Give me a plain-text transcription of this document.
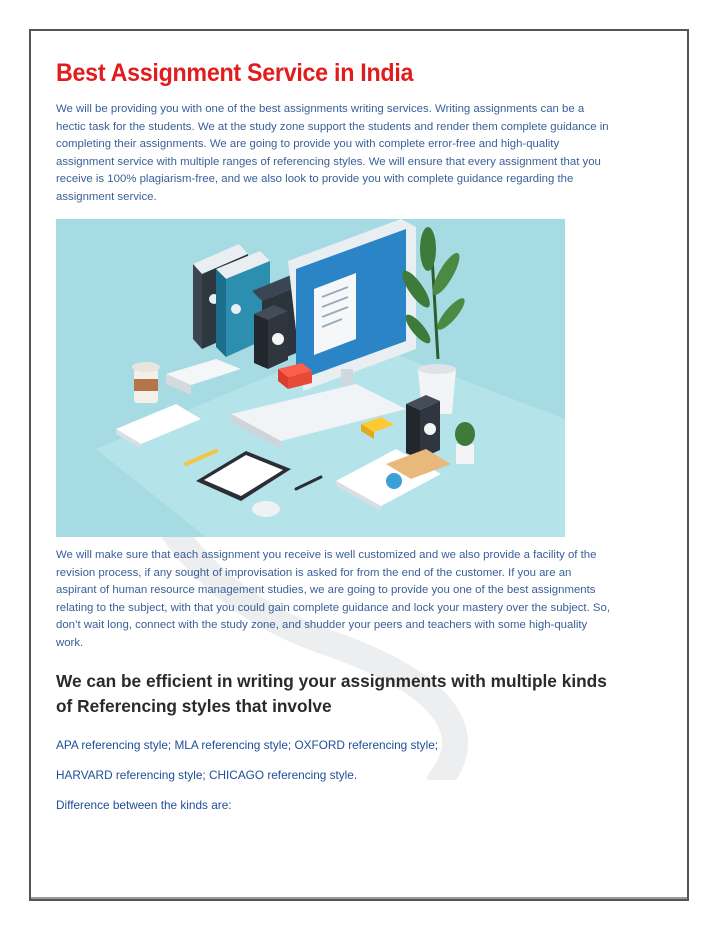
Best Assignment Service in India

We will be providing you with one of the best assignments writing services. Writing assignments can be a hectic task for the students. We at the study zone support the students and render them complete guidance in completing their assignments. We are going to provide you with complete error-free and high-quality assignment service with multiple ranges of referencing styles. We will ensure that every assignment that you receive is 100% plagiarism-free, and we also look to provide you with complete guidance regarding the assignment service.

We will make sure that each assignment you receive is well customized and we also provide a facility of the revision process, if any sought of improvisation is asked for from the end of the customer. If you are an aspirant of human resource management studies, we are going to provide you one of the best assignments relating to the subject, with that you could gain complete guidance and lock your mastery over the subject. So, don’t wait long, connect with the study zone, and shudder your peers and teachers with some high-quality work.

We can be efficient in writing your assignments with multiple kinds of Referencing styles that involve

APA referencing style; MLA referencing style; OXFORD referencing style;

HARVARD referencing style; CHICAGO referencing style.

Difference between the kinds are:
